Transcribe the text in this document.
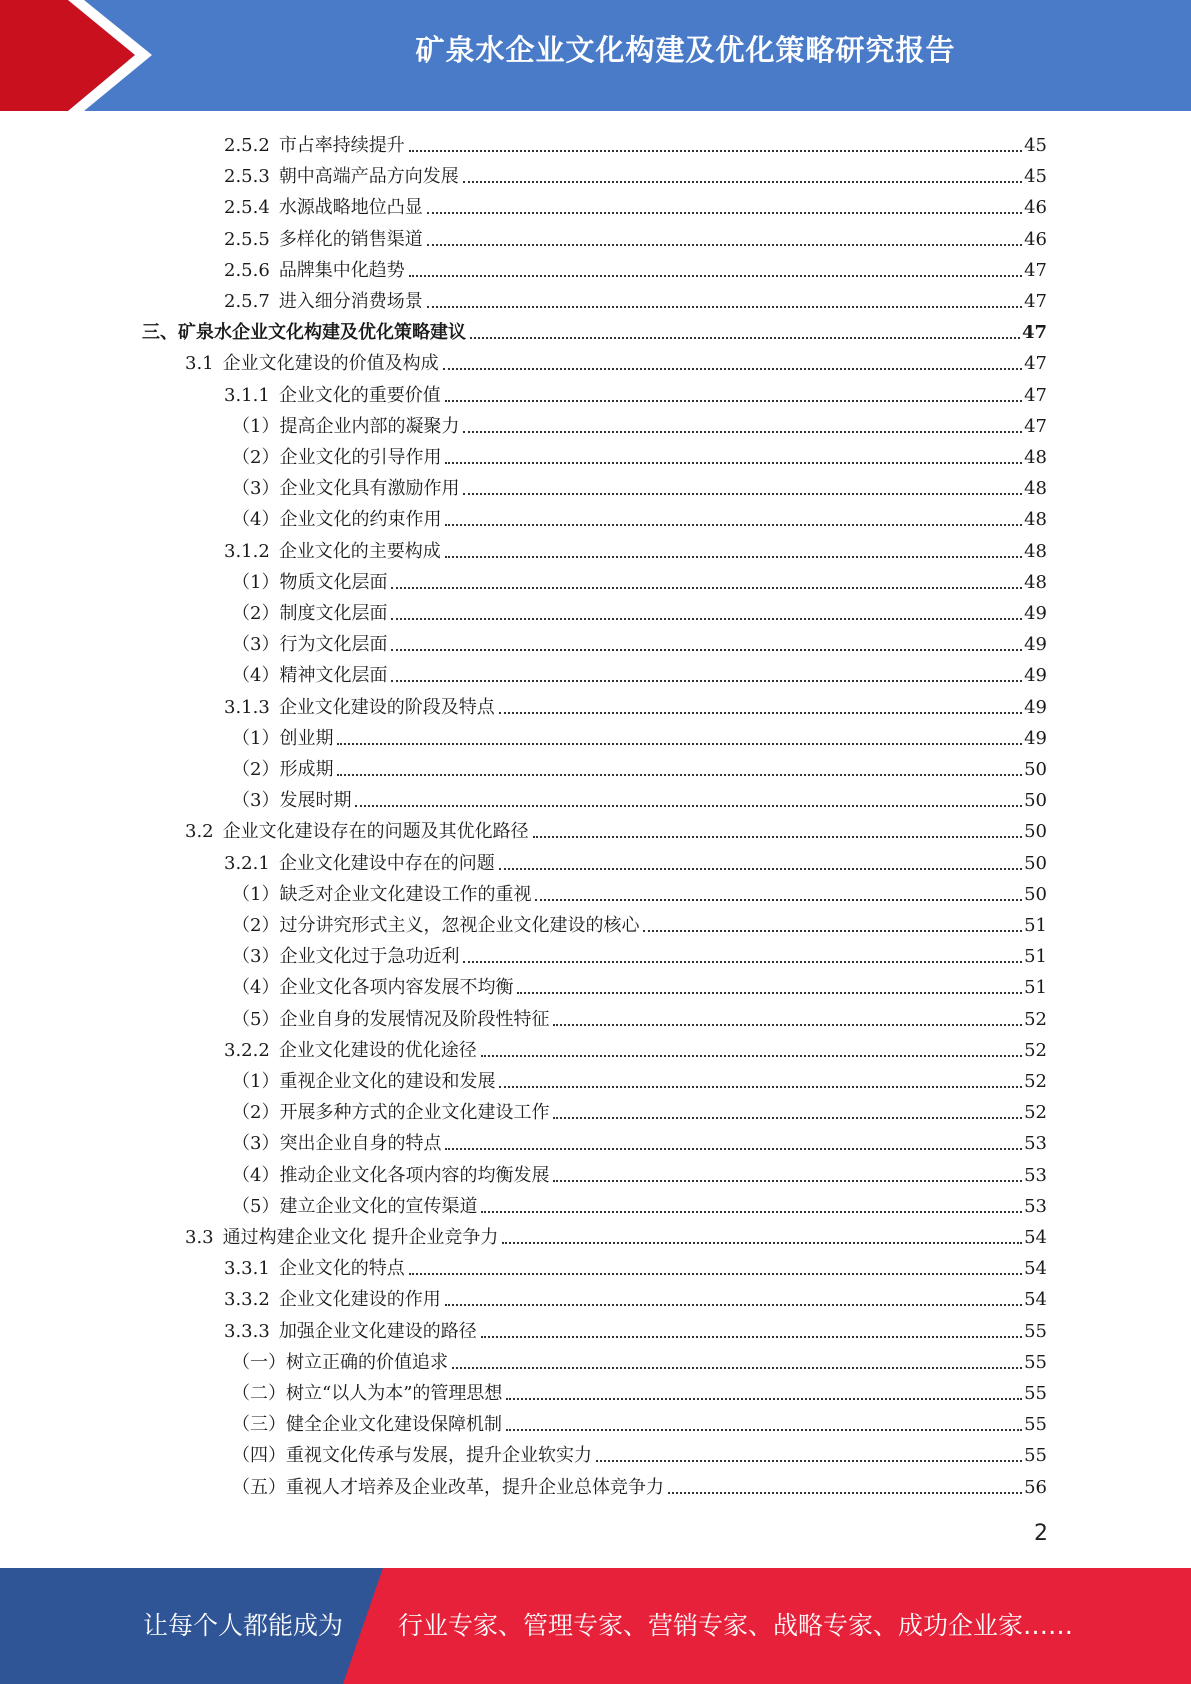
矿泉水企业文化构建及优化策略研究报告
2.5.2 市占率持续提升	45
2.5.3 朝中高端产品方向发展	45
2.5.4 水源战略地位凸显	46
2.5.5 多样化的销售渠道	46
2.5.6 品牌集中化趋势	47
2.5.7 进入细分消费场景	47
三、 矿泉水企业文化构建及优化策略建议	47
3.1 企业文化建设的价值及构成	47
3.1.1 企业文化的重要价值	47
（1） 提高企业内部的凝聚力	47
（2） 企业文化的引导作用	48
（3） 企业文化具有激励作用	48
（4） 企业文化的约束作用	48
3.1.2 企业文化的主要构成	48
（1） 物质文化层面	48
（2） 制度文化层面	49
（3） 行为文化层面	49
（4） 精神文化层面	49
3.1.3 企业文化建设的阶段及特点	49
（1） 创业期	49
（2） 形成期	50
（3） 发展时期	50
3.2 企业文化建设存在的问题及其优化路径	50
3.2.1 企业文化建设中存在的问题	50
（1） 缺乏对企业文化建设工作的重视	50
（2） 过分讲究形式主义，忽视企业文化建设的核心	51
（3） 企业文化过于急功近利	51
（4） 企业文化各项内容发展不均衡	51
（5） 企业自身的发展情况及阶段性特征	52
3.2.2 企业文化建设的优化途径	52
（1） 重视企业文化的建设和发展	52
（2） 开展多种方式的企业文化建设工作	52
（3） 突出企业自身的特点	53
（4） 推动企业文化各项内容的均衡发展	53
（5） 建立企业文化的宣传渠道	53
3.3 通过构建企业文化 提升企业竞争力	54
3.3.1 企业文化的特点	54
3.3.2 企业文化建设的作用	54
3.3.3 加强企业文化建设的路径	55
（一） 树立正确的价值追求	55
（二） 树立“以人为本”的管理思想	55
（三） 健全企业文化建设保障机制	55
（四） 重视文化传承与发展，提升企业软实力	55
（五） 重视人才培养及企业改革，提升企业总体竞争力	56
2
让每个人都能成为 行业专家、管理专家、营销专家、战略专家、成功企业家……
